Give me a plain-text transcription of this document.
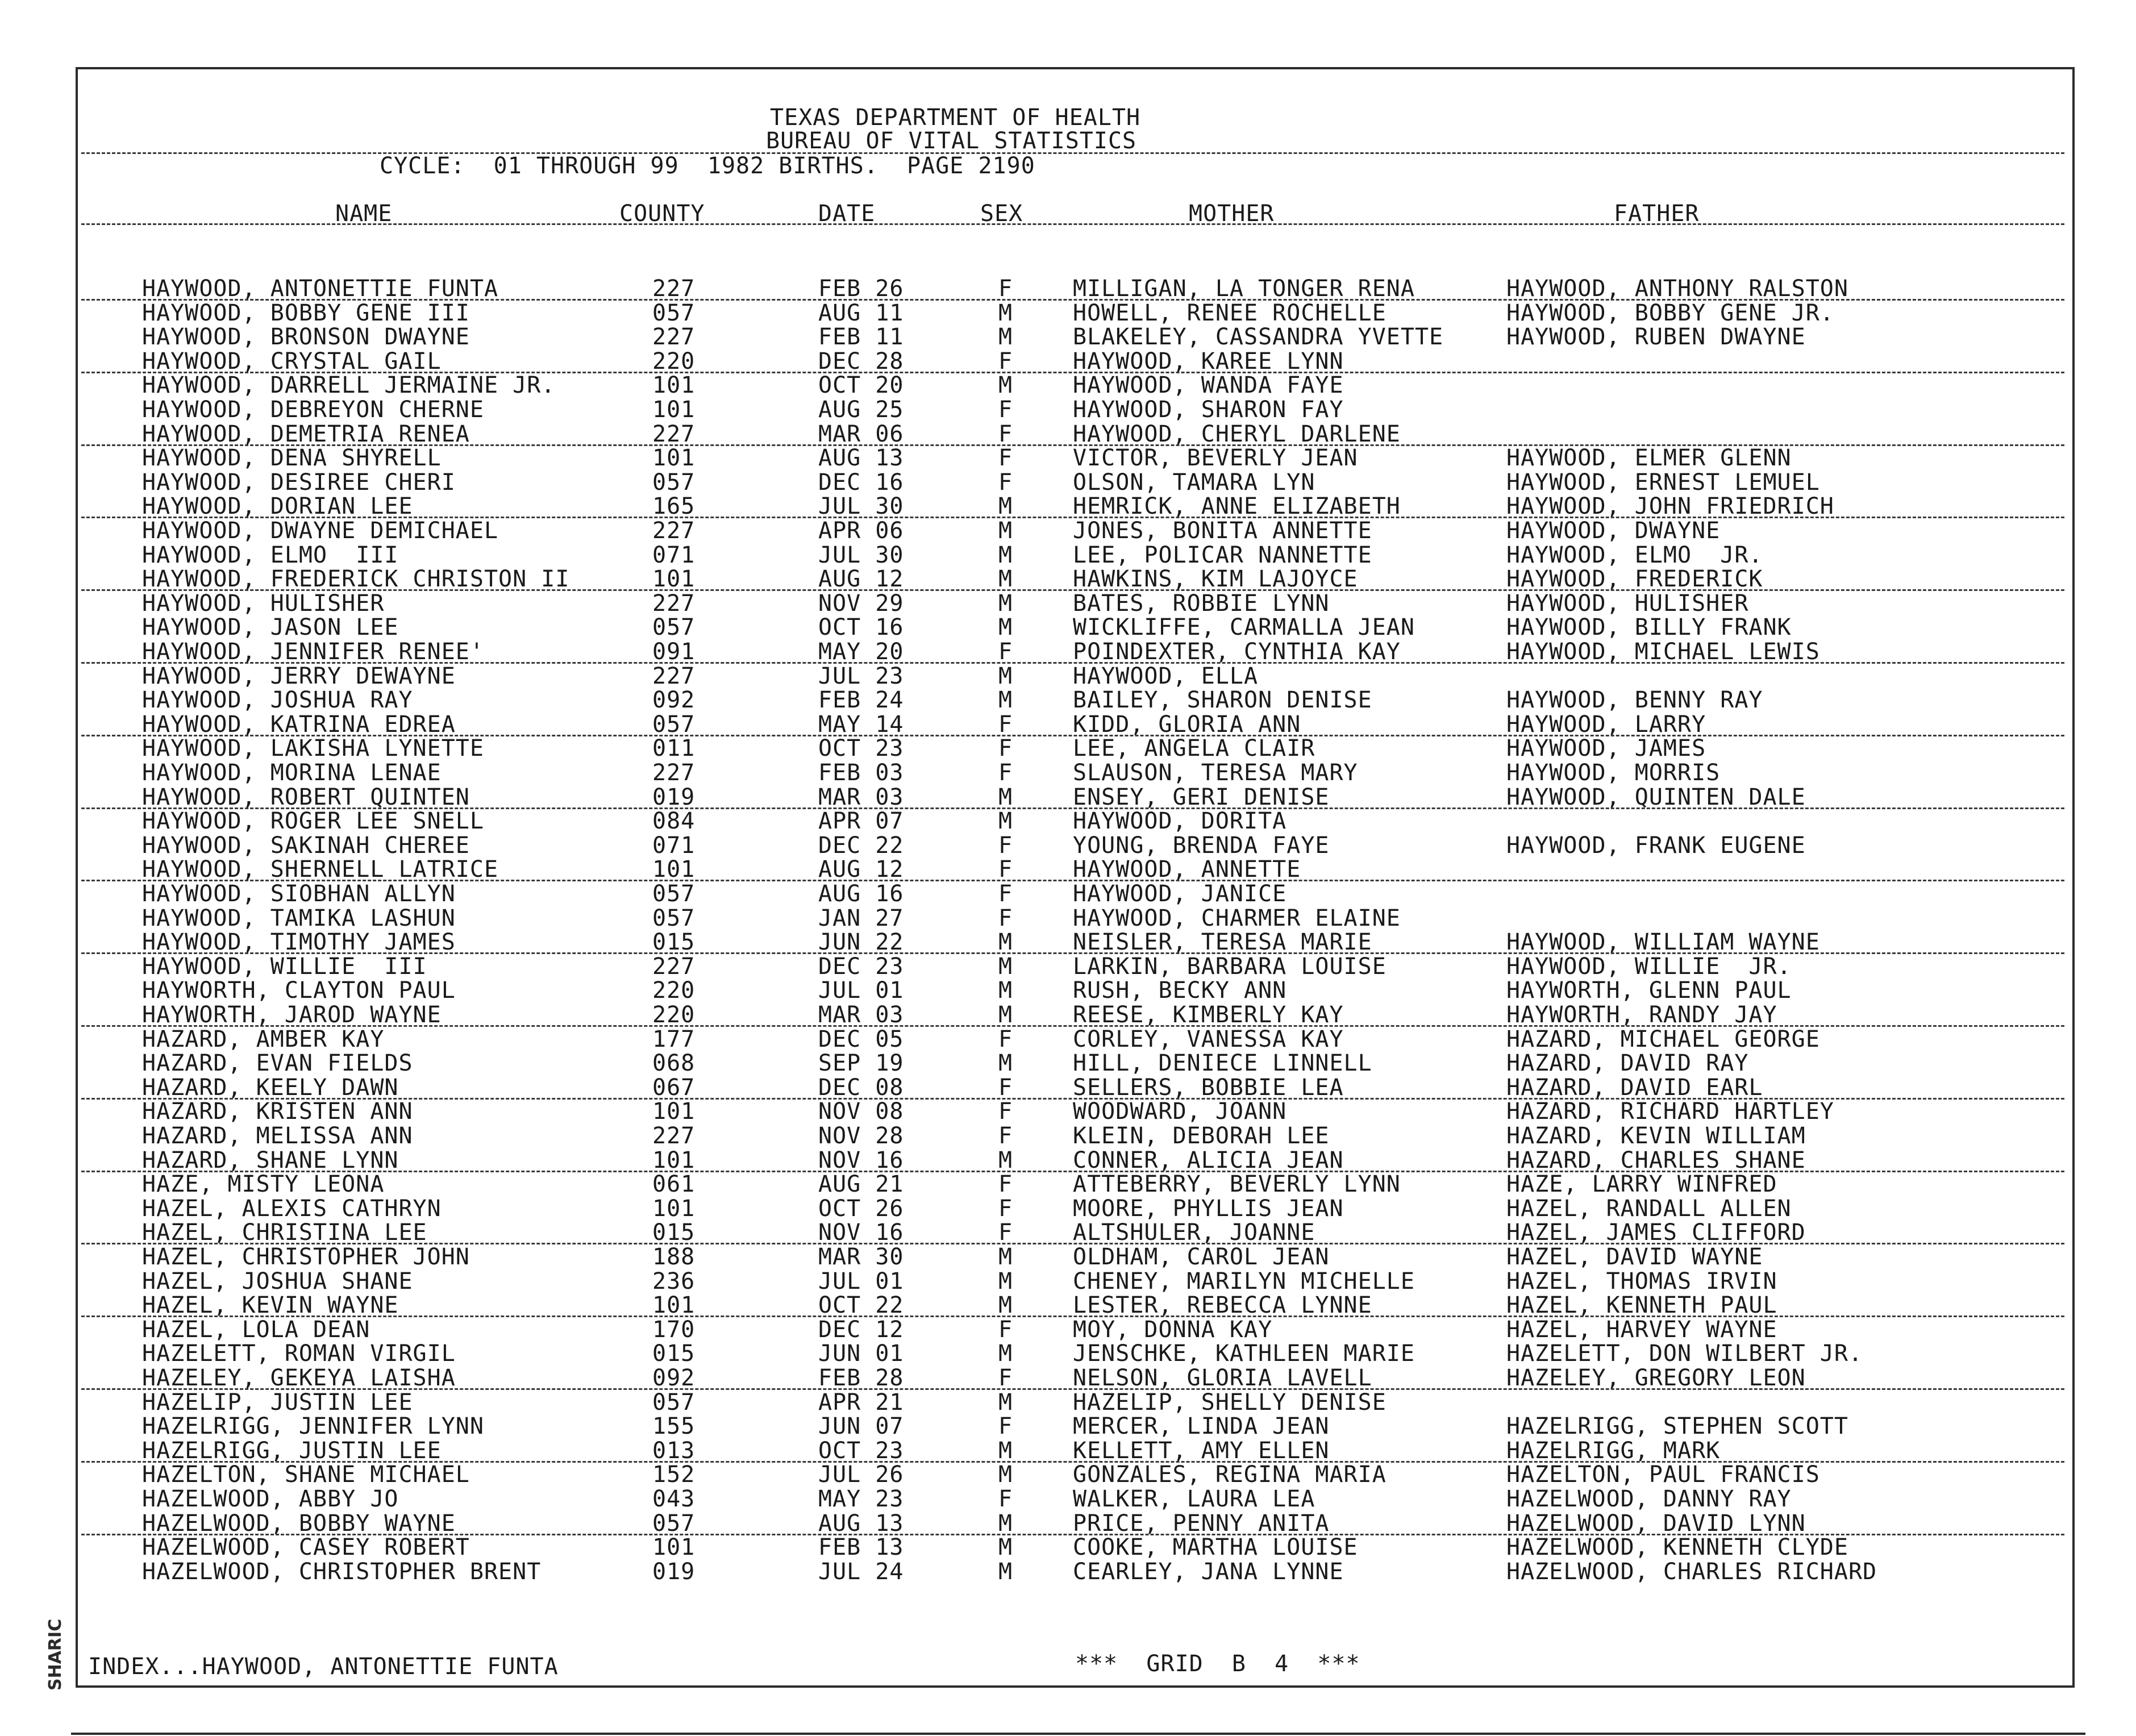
SHARIC
TEXAS DEPARTMENT OF HEALTH
BUREAU OF VITAL STATISTICS
CYCLE:  01 THROUGH 99  1982 BIRTHS.  PAGE 2190
NAME	COUNTY	DATE	SEX	MOTHER	FATHER
HAYWOOD, ANTONETTIE FUNTA	227	FEB 26	F	MILLIGAN, LA TONGER RENA	HAYWOOD, ANTHONY RALSTON
HAYWOOD, BOBBY GENE III	057	AUG 11	M	HOWELL, RENEE ROCHELLE	HAYWOOD, BOBBY GENE JR.
HAYWOOD, BRONSON DWAYNE	227	FEB 11	M	BLAKELEY, CASSANDRA YVETTE	HAYWOOD, RUBEN DWAYNE
HAYWOOD, CRYSTAL GAIL	220	DEC 28	F	HAYWOOD, KAREE LYNN
HAYWOOD, DARRELL JERMAINE JR.	101	OCT 20	M	HAYWOOD, WANDA FAYE
HAYWOOD, DEBREYON CHERNE	101	AUG 25	F	HAYWOOD, SHARON FAY
HAYWOOD, DEMETRIA RENEA	227	MAR 06	F	HAYWOOD, CHERYL DARLENE
HAYWOOD, DENA SHYRELL	101	AUG 13	F	VICTOR, BEVERLY JEAN	HAYWOOD, ELMER GLENN
HAYWOOD, DESIREE CHERI	057	DEC 16	F	OLSON, TAMARA LYN	HAYWOOD, ERNEST LEMUEL
HAYWOOD, DORIAN LEE	165	JUL 30	M	HEMRICK, ANNE ELIZABETH	HAYWOOD, JOHN FRIEDRICH
HAYWOOD, DWAYNE DEMICHAEL	227	APR 06	M	JONES, BONITA ANNETTE	HAYWOOD, DWAYNE
HAYWOOD, ELMO  III	071	JUL 30	M	LEE, POLICAR NANNETTE	HAYWOOD, ELMO  JR.
HAYWOOD, FREDERICK CHRISTON II	101	AUG 12	M	HAWKINS, KIM LAJOYCE	HAYWOOD, FREDERICK
HAYWOOD, HULISHER	227	NOV 29	M	BATES, ROBBIE LYNN	HAYWOOD, HULISHER
HAYWOOD, JASON LEE	057	OCT 16	M	WICKLIFFE, CARMALLA JEAN	HAYWOOD, BILLY FRANK
HAYWOOD, JENNIFER RENEE'	091	MAY 20	F	POINDEXTER, CYNTHIA KAY	HAYWOOD, MICHAEL LEWIS
HAYWOOD, JERRY DEWAYNE	227	JUL 23	M	HAYWOOD, ELLA
HAYWOOD, JOSHUA RAY	092	FEB 24	M	BAILEY, SHARON DENISE	HAYWOOD, BENNY RAY
HAYWOOD, KATRINA EDREA	057	MAY 14	F	KIDD, GLORIA ANN	HAYWOOD, LARRY
HAYWOOD, LAKISHA LYNETTE	011	OCT 23	F	LEE, ANGELA CLAIR	HAYWOOD, JAMES
HAYWOOD, MORINA LENAE	227	FEB 03	F	SLAUSON, TERESA MARY	HAYWOOD, MORRIS
HAYWOOD, ROBERT QUINTEN	019	MAR 03	M	ENSEY, GERI DENISE	HAYWOOD, QUINTEN DALE
HAYWOOD, ROGER LEE SNELL	084	APR 07	M	HAYWOOD, DORITA
HAYWOOD, SAKINAH CHEREE	071	DEC 22	F	YOUNG, BRENDA FAYE	HAYWOOD, FRANK EUGENE
HAYWOOD, SHERNELL LATRICE	101	AUG 12	F	HAYWOOD, ANNETTE
HAYWOOD, SIOBHAN ALLYN	057	AUG 16	F	HAYWOOD, JANICE
HAYWOOD, TAMIKA LASHUN	057	JAN 27	F	HAYWOOD, CHARMER ELAINE
HAYWOOD, TIMOTHY JAMES	015	JUN 22	M	NEISLER, TERESA MARIE	HAYWOOD, WILLIAM WAYNE
HAYWOOD, WILLIE  III	227	DEC 23	M	LARKIN, BARBARA LOUISE	HAYWOOD, WILLIE  JR.
HAYWORTH, CLAYTON PAUL	220	JUL 01	M	RUSH, BECKY ANN	HAYWORTH, GLENN PAUL
HAYWORTH, JAROD WAYNE	220	MAR 03	M	REESE, KIMBERLY KAY	HAYWORTH, RANDY JAY
HAZARD, AMBER KAY	177	DEC 05	F	CORLEY, VANESSA KAY	HAZARD, MICHAEL GEORGE
HAZARD, EVAN FIELDS	068	SEP 19	M	HILL, DENIECE LINNELL	HAZARD, DAVID RAY
HAZARD, KEELY DAWN	067	DEC 08	F	SELLERS, BOBBIE LEA	HAZARD, DAVID EARL
HAZARD, KRISTEN ANN	101	NOV 08	F	WOODWARD, JOANN	HAZARD, RICHARD HARTLEY
HAZARD, MELISSA ANN	227	NOV 28	F	KLEIN, DEBORAH LEE	HAZARD, KEVIN WILLIAM
HAZARD, SHANE LYNN	101	NOV 16	M	CONNER, ALICIA JEAN	HAZARD, CHARLES SHANE
HAZE, MISTY LEONA	061	AUG 21	F	ATTEBERRY, BEVERLY LYNN	HAZE, LARRY WINFRED
HAZEL, ALEXIS CATHRYN	101	OCT 26	F	MOORE, PHYLLIS JEAN	HAZEL, RANDALL ALLEN
HAZEL, CHRISTINA LEE	015	NOV 16	F	ALTSHULER, JOANNE	HAZEL, JAMES CLIFFORD
HAZEL, CHRISTOPHER JOHN	188	MAR 30	M	OLDHAM, CAROL JEAN	HAZEL, DAVID WAYNE
HAZEL, JOSHUA SHANE	236	JUL 01	M	CHENEY, MARILYN MICHELLE	HAZEL, THOMAS IRVIN
HAZEL, KEVIN WAYNE	101	OCT 22	M	LESTER, REBECCA LYNNE	HAZEL, KENNETH PAUL
HAZEL, LOLA DEAN	170	DEC 12	F	MOY, DONNA KAY	HAZEL, HARVEY WAYNE
HAZELETT, ROMAN VIRGIL	015	JUN 01	M	JENSCHKE, KATHLEEN MARIE	HAZELETT, DON WILBERT JR.
HAZELEY, GEKEYA LAISHA	092	FEB 28	F	NELSON, GLORIA LAVELL	HAZELEY, GREGORY LEON
HAZELIP, JUSTIN LEE	057	APR 21	M	HAZELIP, SHELLY DENISE
HAZELRIGG, JENNIFER LYNN	155	JUN 07	F	MERCER, LINDA JEAN	HAZELRIGG, STEPHEN SCOTT
HAZELRIGG, JUSTIN LEE	013	OCT 23	M	KELLETT, AMY ELLEN	HAZELRIGG, MARK
HAZELTON, SHANE MICHAEL	152	JUL 26	M	GONZALES, REGINA MARIA	HAZELTON, PAUL FRANCIS
HAZELWOOD, ABBY JO	043	MAY 23	F	WALKER, LAURA LEA	HAZELWOOD, DANNY RAY
HAZELWOOD, BOBBY WAYNE	057	AUG 13	M	PRICE, PENNY ANITA	HAZELWOOD, DAVID LYNN
HAZELWOOD, CASEY ROBERT	101	FEB 13	M	COOKE, MARTHA LOUISE	HAZELWOOD, KENNETH CLYDE
HAZELWOOD, CHRISTOPHER BRENT	019	JUL 24	M	CEARLEY, JANA LYNNE	HAZELWOOD, CHARLES RICHARD
INDEX...HAYWOOD, ANTONETTIE FUNTA	***  GRID  B  4  ***
